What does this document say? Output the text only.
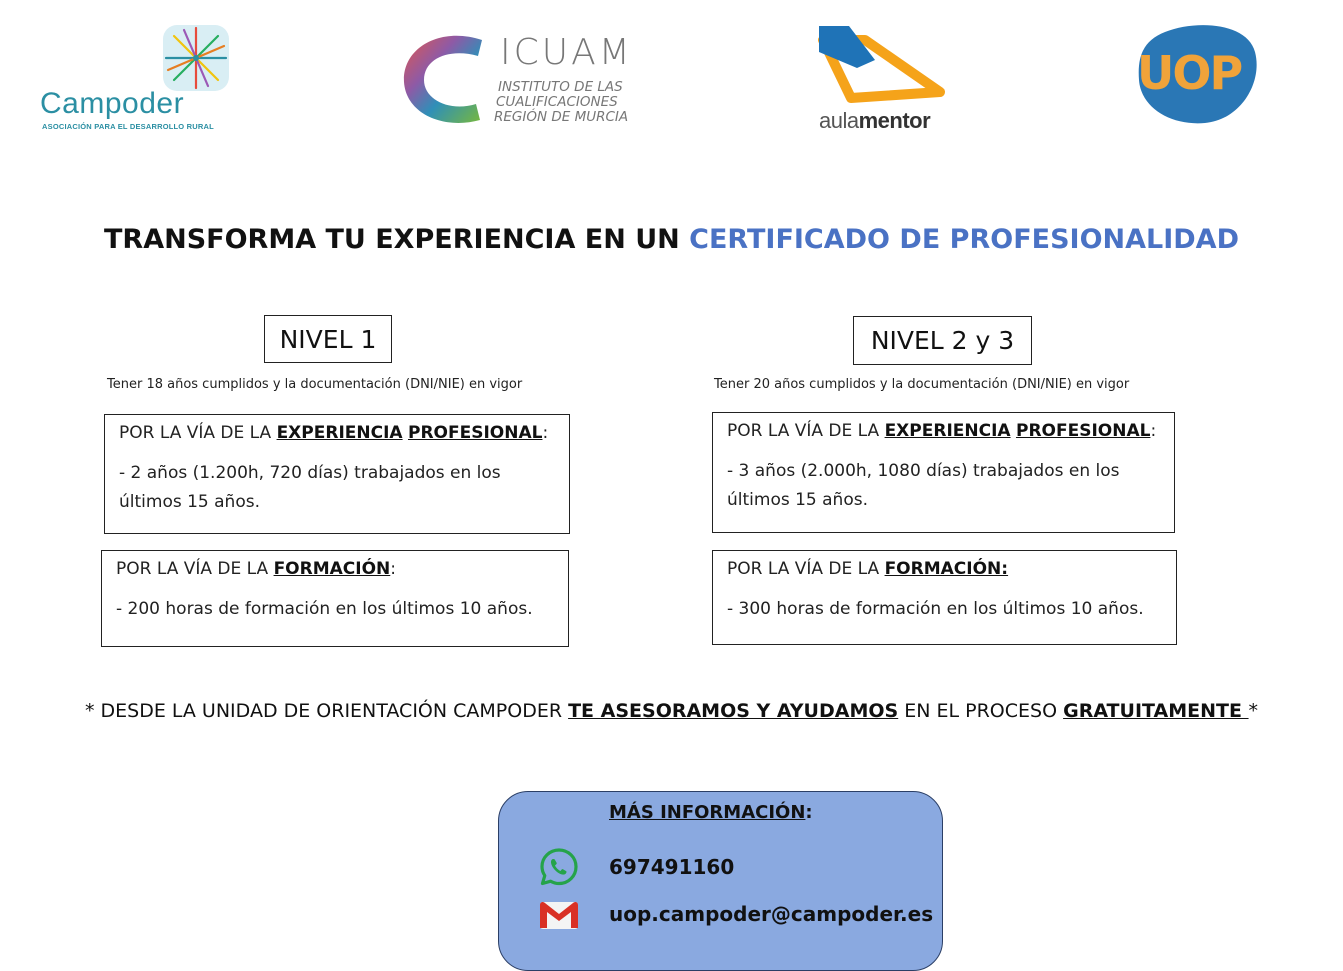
Campoder
ASOCIACIÓN PARA EL DESARROLLO RURAL
ICUAM
INSTITUTO DE LAS
CUALIFICACIONES
REGIÓN DE MURCIA	aulamentor
UOP
TRANSFORMA TU EXPERIENCIA EN UN CERTIFICADO DE PROFESIONALIDAD
NIVEL 1
Tener 18 años cumplidos y la documentación (DNI/NIE) en vigor
POR LA VÍA DE LA EXPERIENCIA PROFESIONAL:
- 2 años (1.200h, 720 días) trabajados en los últimos 15 años.
POR LA VÍA DE LA FORMACIÓN:
- 200 horas de formación en los últimos 10 años.
NIVEL 2 y 3
Tener 20 años cumplidos y la documentación (DNI/NIE) en vigor
POR LA VÍA DE LA EXPERIENCIA PROFESIONAL:
- 3 años (2.000h, 1080 días) trabajados en los últimos 15 años.
POR LA VÍA DE LA FORMACIÓN:
- 300 horas de formación en los últimos 10 años.
* DESDE LA UNIDAD DE ORIENTACIÓN CAMPODER TE ASESORAMOS Y AYUDAMOS EN EL PROCESO GRATUITAMENTE *
MÁS INFORMACIÓN:
697491160
uop.campoder@campoder.es
